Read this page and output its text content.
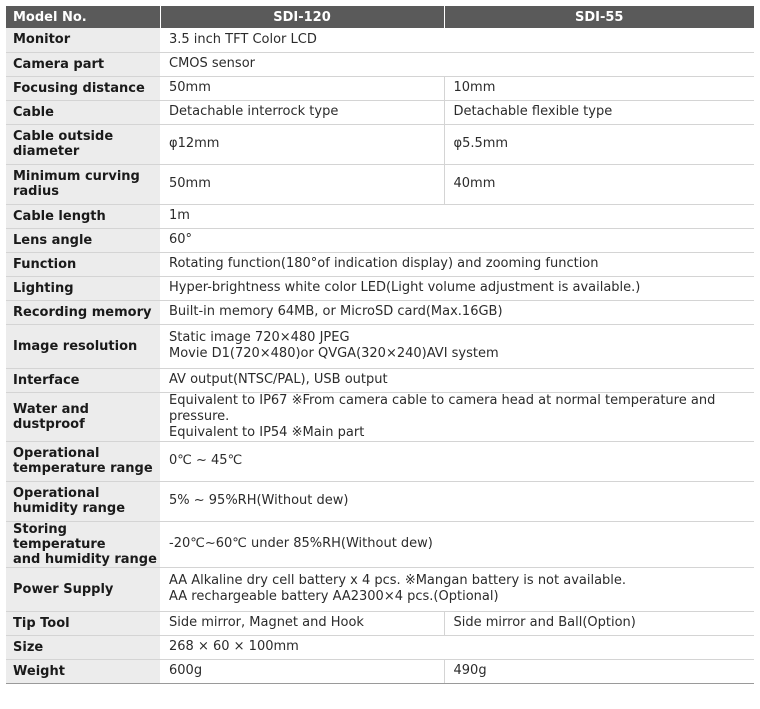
Model No.	SDI-120	SDI-55
Monitor	3.5 inch TFT Color LCD	
Camera part	CMOS sensor	
Focusing distance	50mm	10mm
Cable	Detachable interrock type	Detachable flexible type

Cable outside
diameter	φ12mm	φ5.5mm

Minimum curving
radius	50mm	40mm
Cable length	1m	
Lens angle	60°	
Function	Rotating function(180°of indication display) and zooming function	
Lighting	Hyper-brightness white color LED(Light volume adjustment is available.)	
Recording memory	Built-in memory 64MB, or MicroSD card(Max.16GB)	
Image resolution	Static image 720×480 JPEG
Movie D1(720×480)or QVGA(320×240)AVI system	

Interface	AV output(NTSC/PAL), USB output	
Water and dustproof	Equivalent to IP67 ※From camera cable to camera head at normal temperature and pressure.
Equivalent to IP54 ※Main part	

Operational
temperature range	0℃ ~ 45℃	

Operational
humidity range	5% ~ 95%RH(Without dew)	

Storing temperature
and humidity range	-20℃~60℃ under 85%RH(Without dew)	
Power Supply	AA Alkaline dry cell battery x 4 pcs. ※Mangan battery is not available.
AA rechargeable battery AA2300×4 pcs.(Optional)	

Tip Tool	Side mirror, Magnet and Hook	Side mirror and Ball(Option)
Size	268 × 60 × 100mm	
Weight	600g	490g
